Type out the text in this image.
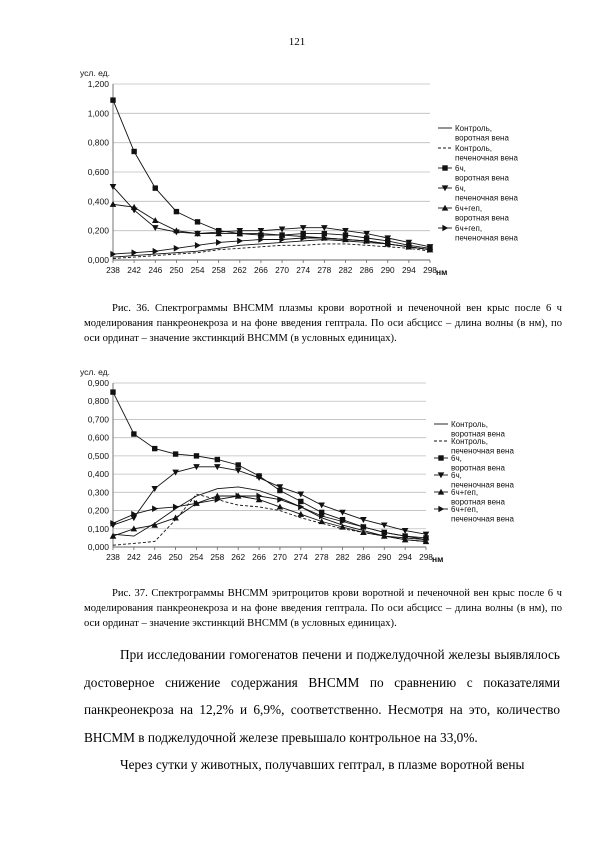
121
усл. ед.
0,000
0,200
0,400
0,600
0,800
1,000
1,200
238 242 246 250 254 258 262 266 270 274 278 282 286 290 294 298 нм
Контроль, воротная вена
Контроль, печеночная вена
6ч, воротная вена
6ч, печеночная вена
6ч+геп, воротная вена
6ч+геп, печеночная вена
Рис. 36. Спектрограммы ВНСММ плазмы крови воротной и печеночной вен крыс после 6 ч моделирования панкреонекроза и на фоне введения гептрала. По оси абсцисс – длина волны (в нм), по оси ординат – значение экстинкций ВНСММ (в условных единицах).
усл. ед.
0,000
0,100
0,200
0,300
0,400
0,500
0,600
0,700
0,800
0,900
238 242 246 250 254 258 262 266 270 274 278 282 286 290 294 298 нм
Контроль, воротная вена
Контроль, печеночная вена
6ч, воротная вена
6ч, печеночная вена
6ч+геп, воротная вена
6ч+геп, печеночная вена
Рис. 37. Спектрограммы ВНСММ эритроцитов крови воротной и печеночной вен крыс после 6 ч моделирования панкреонекроза и на фоне введения гептрала. По оси абсцисс – длина волны (в нм), по оси ординат – значение экстинкций ВНСММ (в условных единицах).

При исследовании гомогенатов печени и поджелудочной железы выявлялось достоверное снижение содержания ВНСММ по сравнению с показателями панкреонекроза на 12,2% и 6,9%, соответственно. Несмотря на это, количество ВНСММ в поджелудочной железе превышало контрольное на 33,0%.

Через сутки у животных, получавших гептрал, в плазме воротной вены
